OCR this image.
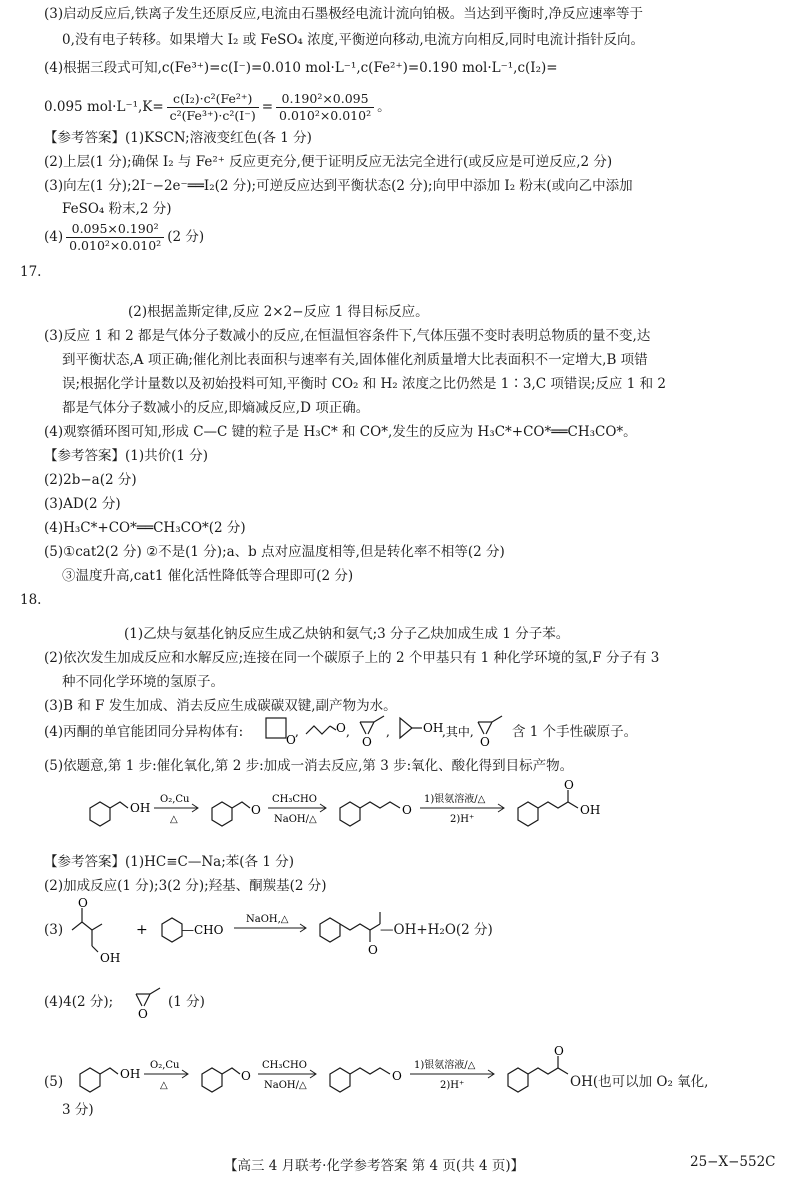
(3)启动反应后,铁离子发生还原反应,电流由石墨极经电流计流向铂极。当达到平衡时,净反应速率等于
0,没有电子转移。如果增大 I₂ 或 FeSO₄ 浓度,平衡逆向移动,电流方向相反,同时电流计指针反向。
(4)根据三段式可知,c(Fe³⁺)=c(I⁻)=0.010 mol·L⁻¹,c(Fe²⁺)=0.190 mol·L⁻¹,c(I₂)=
0.095 $mol\cdot L^{-1},K= \frac{\text{c(I₂)·c²(Fe²⁺)}}{\text{c²(Fe³⁺)·c²(I⁻)}} = \frac{\text{0.190²×0.095}}{\text{0.010²×0.010²}}$ 。
【参考答案】(1)KSCN;溶液变红色(各 1 分)
(2)上层(1 分);确保 I₂ 与 Fe²⁺ 反应更充分,便于证明反应无法完全进行(或反应是可逆反应,2 分)
(3)向左(1 分);2I⁻−2e⁻══I₂(2 分);可逆反应达到平衡状态(2 分);向甲中添加 I₂ 粉末(或向乙中添加
FeSO₄ 粉末,2 分)
$(4) \frac{\text{0.095×0.190²}}{\text{0.010²×0.010²}} (2$ 分)
17.
(2)根据盖斯定律,反应 2×2−反应 1 得目标反应。
(3)反应 1 和 2 都是气体分子数减小的反应,在恒温恒容条件下,气体压强不变时表明总物质的量不变,达
到平衡状态,A 项正确;催化剂比表面积与速率有关,固体催化剂质量增大比表面积不一定增大,B 项错
误;根据化学计量数以及初始投料可知,平衡时 CO₂ 和 H₂ 浓度之比仍然是 1∶3,C 项错误;反应 1 和 2
都是气体分子数减小的反应,即熵减反应,D 项正确。
(4)观察循环图可知,形成 C—C 键的粒子是 H₃C* 和 CO*,发生的反应为 H₃C*+CO*══CH₃CO*。
【参考答案】(1)共价(1 分)
(2)2b−a(2 分)
(3)AD(2 分)
(4)H₃C*+CO*══CH₃CO*(2 分)
(5)①cat2(2 分) ②不是(1 分);a、b 点对应温度相等,但是转化率不相等(2 分)
③温度升高,cat1 催化活性降低等合理即可(2 分)
18.
(1)乙炔与氨基化钠反应生成乙炔钠和氨气;3 分子乙炔加成生成 1 分子苯。
(2)依次发生加成反应和水解反应;连接在同一个碳原子上的 2 个甲基只有 1 种化学环境的氢,F 分子有 3
种不同化学环境的氢原子。
(3)B 和 F 发生加成、消去反应生成碳碳双键,副产物为水。
(4)丙酮的单官能团同分异构体有:	O
,	O ,
O
,	OH
,其中,
O
含 1 个手性碳原子。
(5)依题意,第 1 步:催化氧化,第 2 步:加成一消去反应,第 3 步:氧化、酸化得到目标产物。
OH
O₂,Cu
△
O
CH₃CHO
NaOH/△
O
1)银氨溶液/△
2)H⁺
O
OH
【参考答案】(1)HC≡C—Na;苯(各 1 分)
(2)加成反应(1 分);3(2 分);羟基、酮羰基(2 分)
(3)
O
OH
+	—CHO
NaOH,△
O
—OH+H₂O(2 分)
(4)4(2 分);
O
(1 分)
(5)	OH
O₂,Cu
△
O
CH₃CHO
NaOH/△
O
1)银氨溶液/△
2)H⁺
O
OH(也可以加 O₂ 氧化,
3 分)
【高三 4 月联考·化学参考答案 第 4 页(共 4 页)】	25−X−552C
